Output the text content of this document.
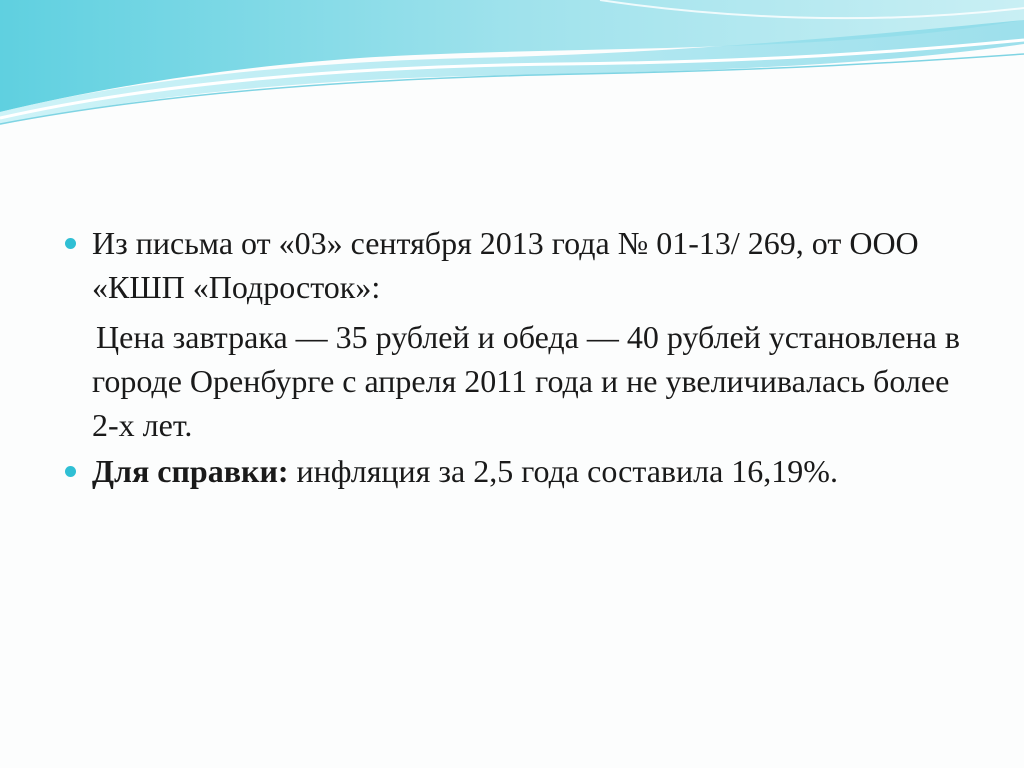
Из письма от «03» сентября 2013 года № 01-13/ 269, от ООО «КШП «Подросток»:

Цена завтрака — 35 рублей и обеда — 40 рублей установлена в городе Оренбурге с апреля 2011 года и не увеличивалась более 2-х лет.

Для справки: инфляция за 2,5 года составила 16,19%.
